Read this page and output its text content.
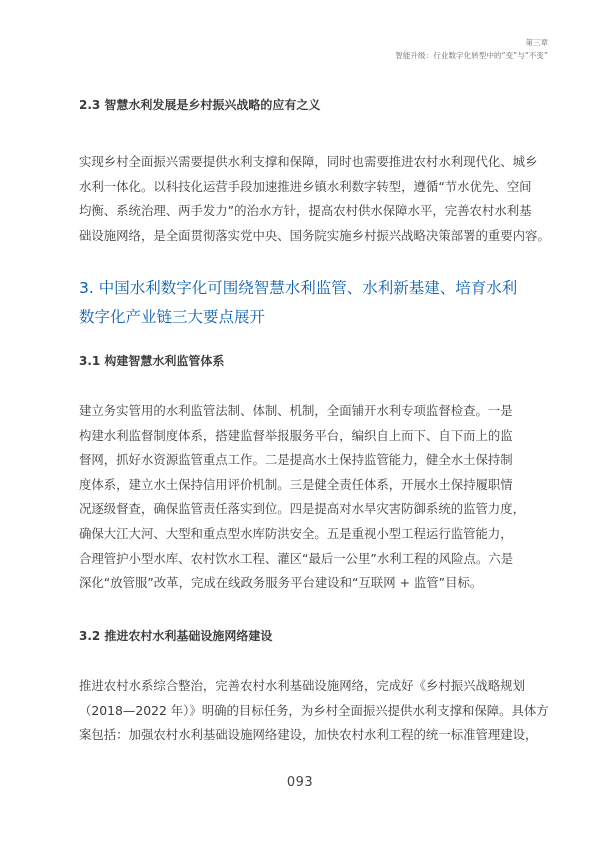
第三章
智能升级：行业数字化转型中的“变”与“不变”
2.3 智慧水利发展是乡村振兴战略的应有之义
实现乡村全面振兴需要提供水利支撑和保障，同时也需要推进农村水利现代化、城乡
水利一体化。以科技化运营手段加速推进乡镇水利数字转型，遵循“节水优先、空间
均衡、系统治理、两手发力”的治水方针，提高农村供水保障水平，完善农村水利基
础设施网络，是全面贯彻落实党中央、国务院实施乡村振兴战略决策部署的重要内容。
3. 中国水利数字化可围绕智慧水利监管、水利新基建、培育水利数字化产业链三大要点展开
3.1 构建智慧水利监管体系
建立务实管用的水利监管法制、体制、机制，全面铺开水利专项监督检查。一是
构建水利监督制度体系，搭建监督举报服务平台，编织自上而下、自下而上的监
督网，抓好水资源监管重点工作。二是提高水土保持监管能力，健全水土保持制
度体系，建立水土保持信用评价机制。三是健全责任体系，开展水土保持履职情
况逐级督查，确保监管责任落实到位。四是提高对水旱灾害防御系统的监管力度，
确保大江大河、大型和重点型水库防洪安全。五是重视小型工程运行监管能力，
合理管护小型水库、农村饮水工程、灌区“最后一公里”水利工程的风险点。六是
深化“放管服”改革，完成在线政务服务平台建设和“互联网 + 监管”目标。
3.2 推进农村水利基础设施网络建设
推进农村水系综合整治，完善农村水利基础设施网络，完成好《乡村振兴战略规划
（2018—2022 年）》明确的目标任务，为乡村全面振兴提供水利支撑和保障。具体方
案包括：加强农村水利基础设施网络建设，加快农村水利工程的统一标准管理建设，
093
